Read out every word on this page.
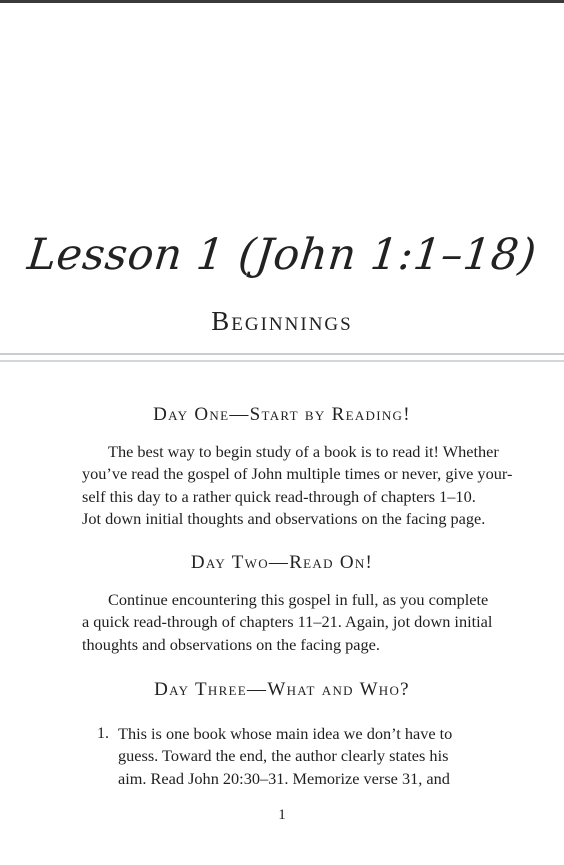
Lesson 1 (John 1:1–18)
Beginnings
Day One—Start by Reading!
The best way to begin study of a book is to read it! Whether
you’ve read the gospel of John multiple times or never, give your-
self this day to a rather quick read-through of chapters 1–10.
Jot down initial thoughts and observations on the facing page.
Day Two—Read On!
Continue encountering this gospel in full, as you complete
a quick read-through of chapters 11–21. Again, jot down initial
thoughts and observations on the facing page.
Day Three—What and Who?
1. This is one book whose main idea we don’t have to
guess. Toward the end, the author clearly states his
aim. Read John 20:30–31. Memorize verse 31, and
1
